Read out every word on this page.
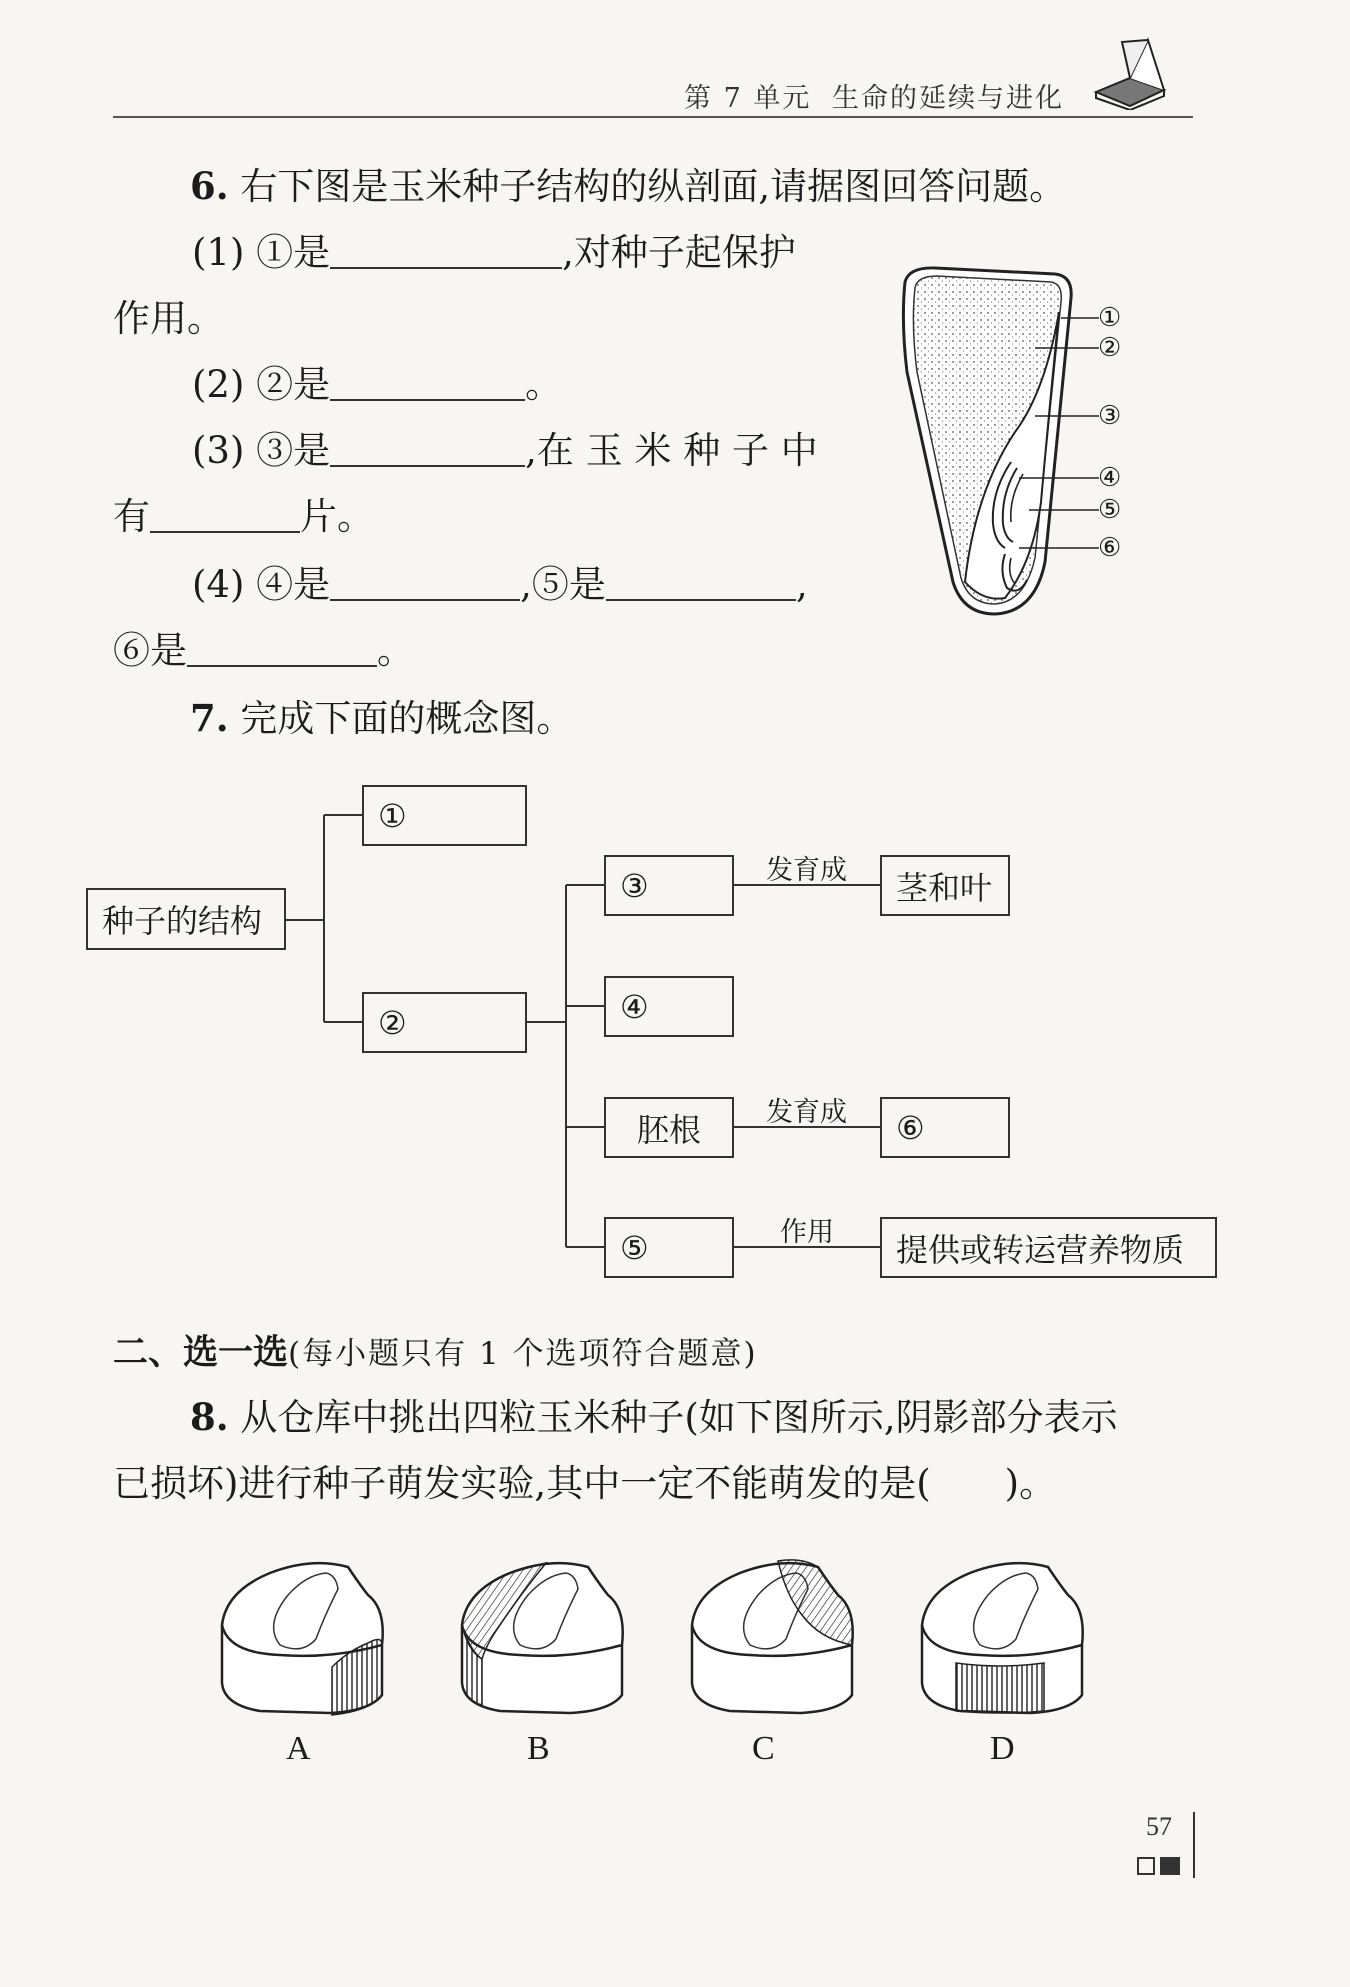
第 7 单元 生命的延续与进化
6. 右下图是玉米种子结构的纵剖面,请据图回答问题。
(1) ①是	,对种子起保护
作用。
(2) ②是	。
(3) ③是	,在 玉 米 种 子 中
有	片。
(4) ④是	,⑤是	,
⑥是	。
①
②
③
④
⑤
⑥
7. 完成下面的概念图。
种子的结构
①
②
③
④
胚根
⑤
茎和叶
⑥
提供或转运营养物质
发育成
发育成
作用
二、选一选(每小题只有 1 个选项符合题意)
8. 从仓库中挑出四粒玉米种子(如下图所示,阴影部分表示
已损坏)进行种子萌发实验,其中一定不能萌发的是(　　)。
A	B	C	D
57
